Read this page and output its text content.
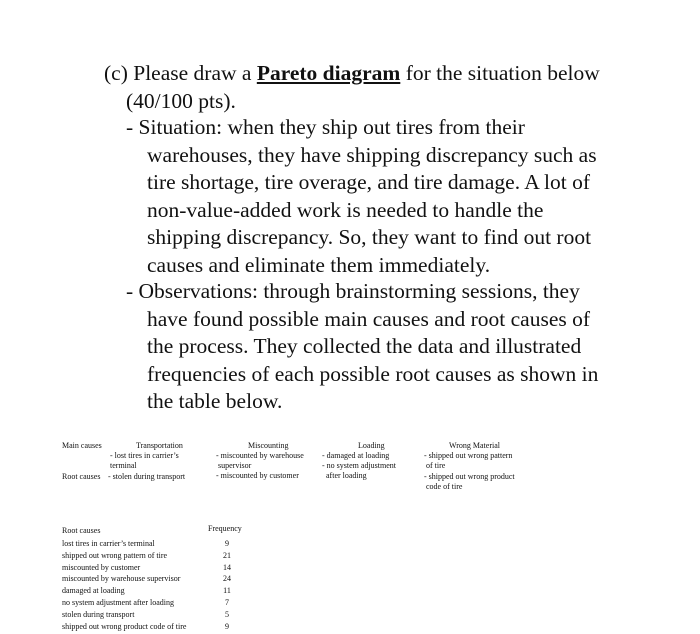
(c) Please draw a Pareto diagram for the situation below
(40/100 pts).
- Situation: when they ship out tires from their
warehouses, they have shipping discrepancy such as
tire shortage, tire overage, and tire damage. A lot of
non-value-added work is needed to handle the
shipping discrepancy. So, they want to find out root
causes and eliminate them immediately.
- Observations: through brainstorming sessions, they
have found possible main causes and root causes of
the process. They collected the data and illustrated
frequencies of each possible root causes as shown in
the table below.
Main causes
Root causes
Transportation
- lost tires in carrier’s
terminal
- stolen during transport
Miscounting
- miscounted by warehouse
supervisor
- miscounted by customer
Loading
- damaged at loading
- no system adjustment
after loading
Wrong Material
- shipped out wrong pattern
of tire
- shipped out wrong product
code of tire
Frequency
Root causes
lost tires in carrier’s terminal
shipped out wrong pattern of tire
miscounted by customer
miscounted by warehouse supervisor
damaged at loading
no system adjustment after loading
stolen during transport
shipped out wrong product code of tire
9
21
14
24
11
7
5
9
